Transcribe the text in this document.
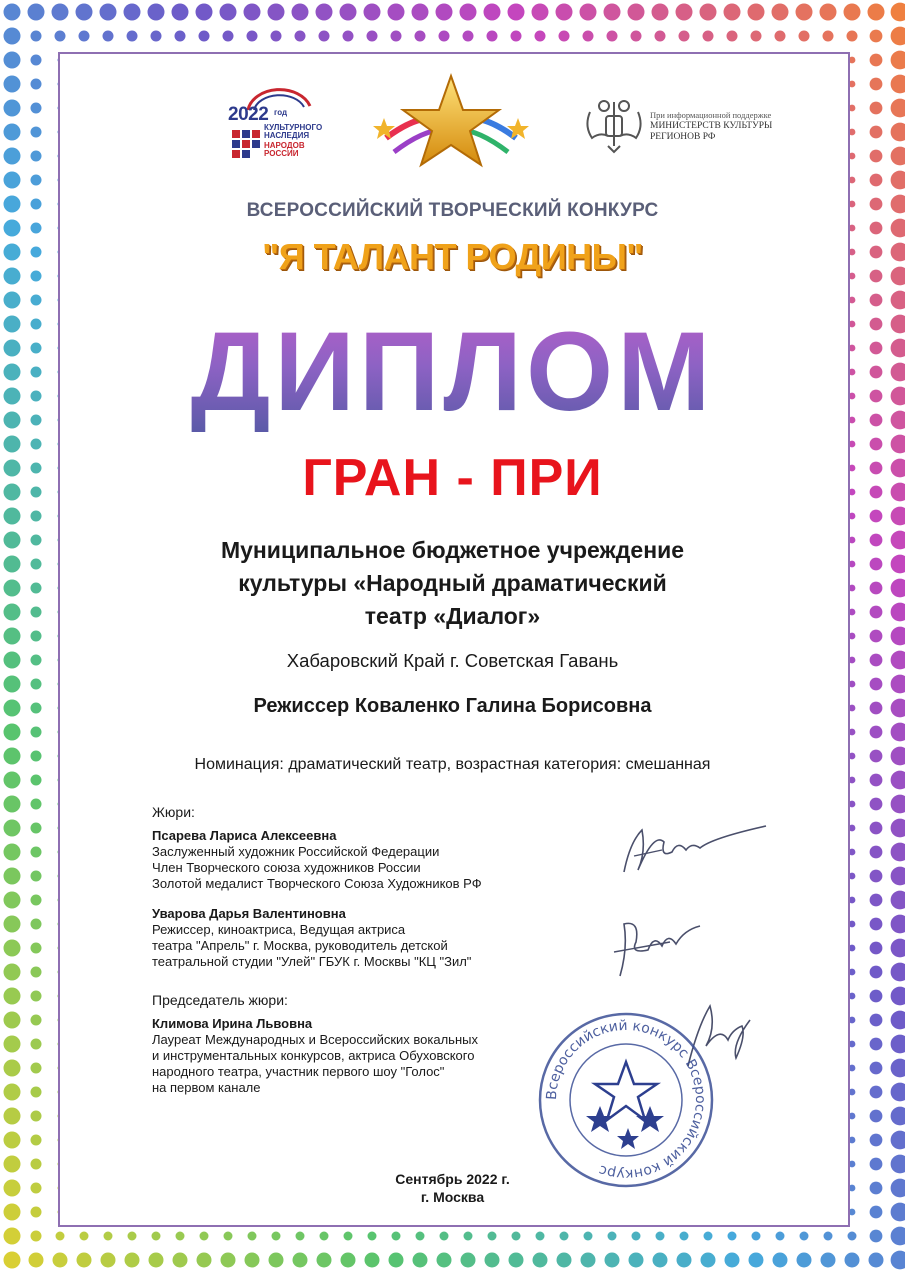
2022 год
КУЛЬТУРНОГО
НАСЛЕДИЯ
НАРОДОВ
РОССИИ
При информационной поддержке
МИНИСТЕРСТВ КУЛЬТУРЫ
РЕГИОНОВ РФ
ВСЕРОССИЙСКИЙ ТВОРЧЕСКИЙ КОНКУРС
"Я ТАЛАНТ РОДИНЫ"
ДИПЛОМ
ГРАН - ПРИ
Муниципальное бюджетное учреждение
культуры «Народный драматический
театр «Диалог»
Хабаровский Край г. Советская Гавань
Режиссер Коваленко Галина Борисовна
Номинация: драматический театр, возрастная категория: смешанная
Жюри:
Псарева Лариса Алексеевна
Заслуженный художник Российской Федерации
Член Творческого союза художников России
Золотой медалист Творческого Союза Художников РФ
Уварова Дарья Валентиновна
Режиссер, киноактриса, Ведущая актриса
театра "Апрель" г. Москва, руководитель детской
театральной студии "Улей" ГБУК г. Москвы "КЦ "Зил"
Председатель жюри:
Климова Ирина Львовна
Лауреат Международных и Всероссийских вокальных
и инструментальных конкурсов, актриса Обуховского
народного театра, участник первого шоу "Голос"
на первом канале
Всероссийский конкурс Всероссийский конкурс
Сентябрь 2022 г.
г. Москва
